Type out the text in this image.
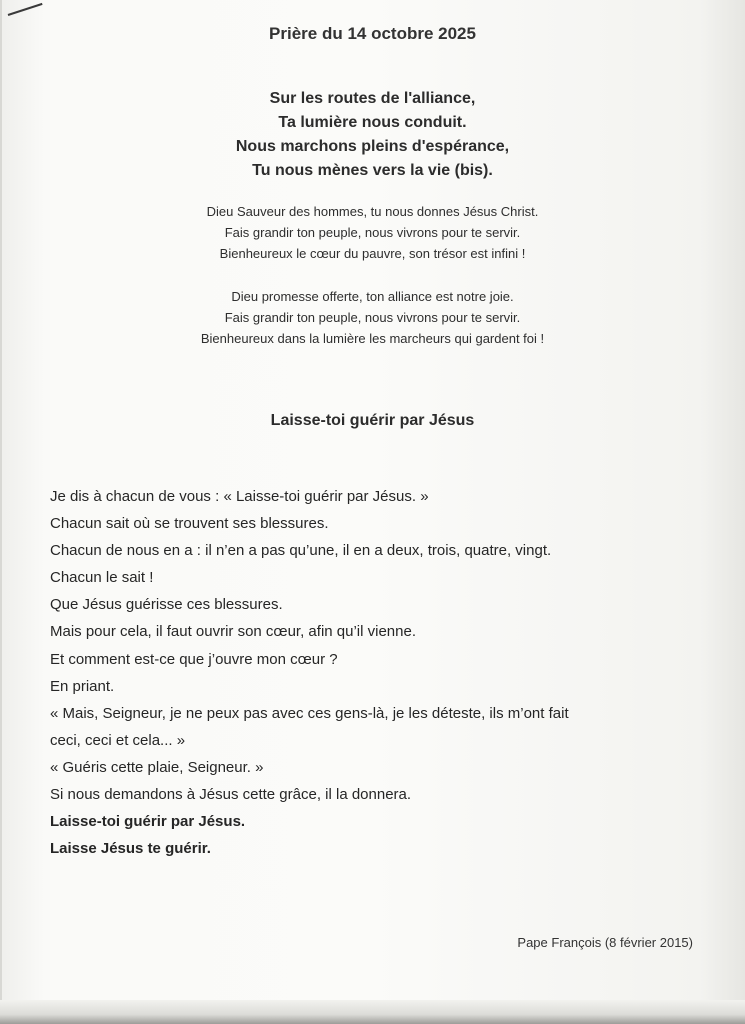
Prière du 14 octobre 2025
Sur les routes de l'alliance,
Ta lumière nous conduit.
Nous marchons pleins d'espérance,
Tu nous mènes vers la vie (bis).
Dieu Sauveur des hommes, tu nous donnes Jésus Christ.
Fais grandir ton peuple, nous vivrons pour te servir.
Bienheureux le cœur du pauvre, son trésor est infini !
Dieu promesse offerte, ton alliance est notre joie.
Fais grandir ton peuple, nous vivrons pour te servir.
Bienheureux dans la lumière les marcheurs qui gardent foi !
Laisse-toi guérir par Jésus
Je dis à chacun de vous : « Laisse-toi guérir par Jésus. »
Chacun sait où se trouvent ses blessures.
Chacun de nous en a : il n’en a pas qu’une, il en a deux, trois, quatre, vingt.
Chacun le sait !
Que Jésus guérisse ces blessures.
Mais pour cela, il faut ouvrir son cœur, afin qu’il vienne.
Et comment est-ce que j’ouvre mon cœur ?
En priant.
« Mais, Seigneur, je ne peux pas avec ces gens-là, je les déteste, ils m’ont fait
ceci, ceci et cela... »
« Guéris cette plaie, Seigneur. »
Si nous demandons à Jésus cette grâce, il la donnera.
Laisse-toi guérir par Jésus.
Laisse Jésus te guérir.
Pape François (8 février 2015)
